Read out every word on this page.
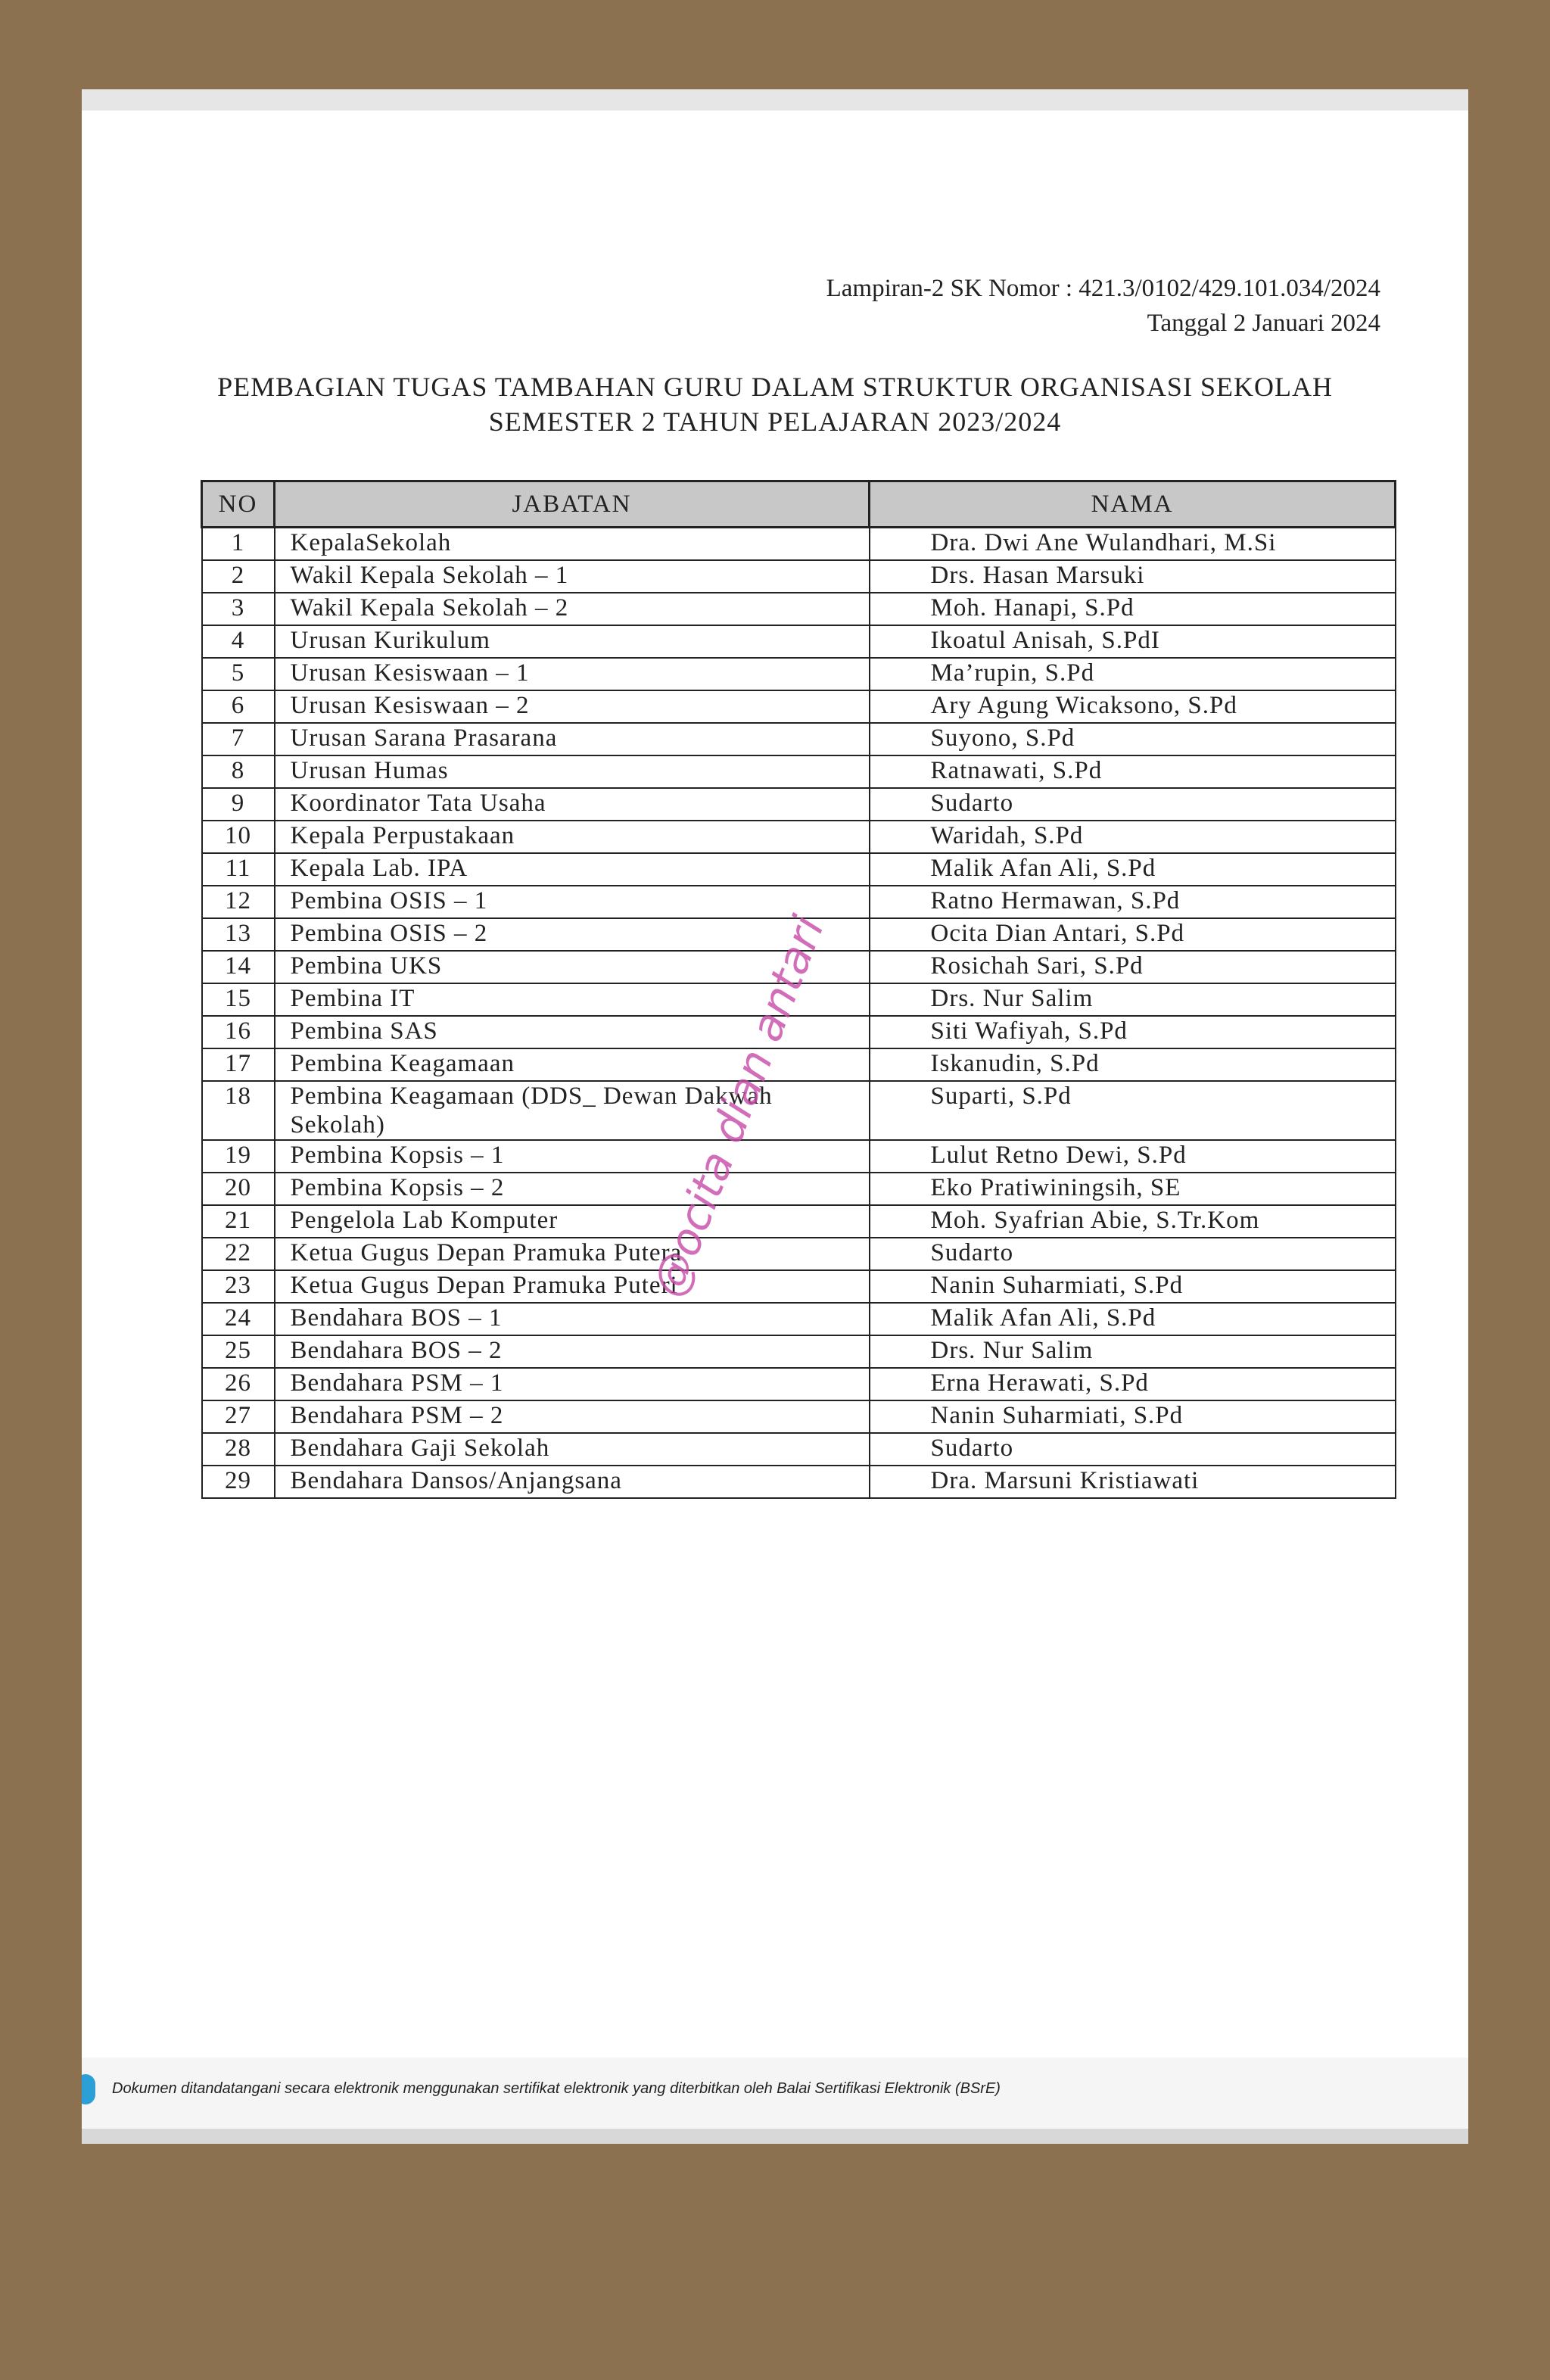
Lampiran-2 SK Nomor : 421.3/0102/429.101.034/2024
Tanggal 2 Januari 2024
PEMBAGIAN TUGAS TAMBAHAN GURU DALAM STRUKTUR ORGANISASI SEKOLAH
SEMESTER 2 TAHUN PELAJARAN 2023/2024
NO	JABATAN	NAMA
1	KepalaSekolah	Dra. Dwi Ane Wulandhari, M.Si
2	Wakil Kepala Sekolah – 1	Drs. Hasan Marsuki
3	Wakil Kepala Sekolah – 2	Moh. Hanapi, S.Pd
4	Urusan Kurikulum	Ikoatul Anisah, S.PdI
5	Urusan Kesiswaan – 1	Ma’rupin, S.Pd
6	Urusan Kesiswaan – 2	Ary Agung Wicaksono, S.Pd
7	Urusan Sarana Prasarana	Suyono, S.Pd
8	Urusan Humas	Ratnawati, S.Pd
9	Koordinator Tata Usaha	Sudarto
10	Kepala Perpustakaan	Waridah, S.Pd
11	Kepala Lab. IPA	Malik Afan Ali, S.Pd
12	Pembina OSIS – 1	Ratno Hermawan, S.Pd
13	Pembina OSIS – 2	Ocita Dian Antari, S.Pd
14	Pembina UKS	Rosichah Sari, S.Pd
15	Pembina IT	Drs. Nur Salim
16	Pembina SAS	Siti Wafiyah, S.Pd
17	Pembina Keagamaan	Iskanudin, S.Pd
18	Pembina Keagamaan (DDS_ Dewan Dakwah Sekolah)	Suparti, S.Pd
19	Pembina Kopsis – 1	Lulut Retno Dewi, S.Pd
20	Pembina Kopsis – 2	Eko Pratiwiningsih, SE
21	Pengelola Lab Komputer	Moh. Syafrian Abie, S.Tr.Kom
22	Ketua Gugus Depan Pramuka Putera	Sudarto
23	Ketua Gugus Depan Pramuka Puteri	Nanin Suharmiati, S.Pd
24	Bendahara BOS – 1	Malik Afan Ali, S.Pd
25	Bendahara BOS – 2	Drs. Nur Salim
26	Bendahara PSM – 1	Erna Herawati, S.Pd
27	Bendahara PSM – 2	Nanin Suharmiati, S.Pd
28	Bendahara Gaji Sekolah	Sudarto
29	Bendahara Dansos/Anjangsana	Dra. Marsuni Kristiawati
@ocita dian antari
Dokumen ditandatangani secara elektronik menggunakan sertifikat elektronik yang diterbitkan oleh Balai Sertifikasi Elektronik (BSrE)
